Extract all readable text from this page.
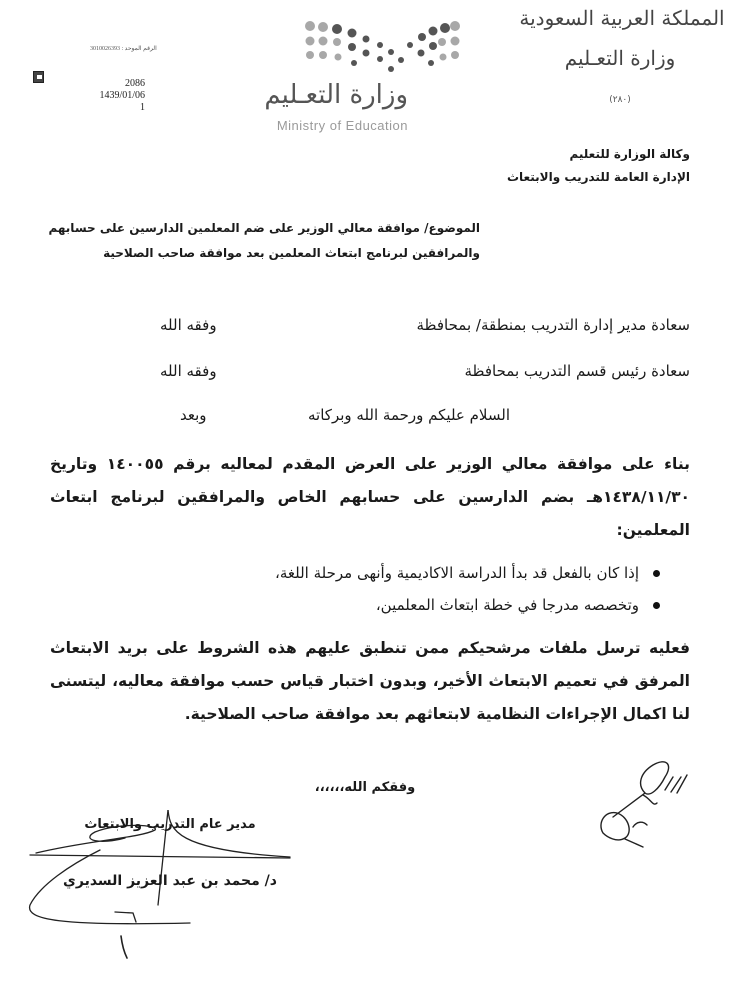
المملكة العربية السعودية
وزارة التعـليم
(٢٨٠)
وزارة التعـليم
Ministry of Education
الرقم الموحد : 3010026393
2086
1439/01/06
1
وكالة الوزارة للتعليم
الإدارة العامة للتدريب والابتعاث
الموضوع/ موافقة معالي الوزير على ضم المعلمين الدارسين على حسابهم
والمرافقين لبرنامج ابتعاث المعلمين بعد موافقة صاحب الصلاحية
سعادة مدير إدارة التدريب بمنطقة/ بمحافظة
وفقه الله
سعادة رئيس قسم التدريب بمحافظة
وفقه الله
السلام عليكم ورحمة الله وبركاته
وبعد
بناء على موافقة معالي الوزير على العرض المقدم لمعاليه برقم ١٤٠٠٥٥ وتاريخ ١٤٣٨/١١/٣٠هـ بضم الدارسين على حسابهم الخاص والمرافقين لبرنامج ابتعاث المعلمين:
إذا كان بالفعل قد بدأ الدراسة الاكاديمية وأنهى مرحلة اللغة،
وتخصصه مدرجا في خطة ابتعاث المعلمين،
فعليه ترسل ملفات مرشحيكم ممن تنطبق عليهم هذه الشروط على بريد الابتعاث المرفق في تعميم الابتعاث الأخير، وبدون اختبار قياس حسب موافقة معاليه، ليتسنى لنا اكمال الإجراءات النظامية لابتعاثهم بعد موافقة صاحب الصلاحية.
وفقكم الله،،،،،،
مدير عام التدريب والابتعاث
د/ محمد بن عبد العزيز السديري
